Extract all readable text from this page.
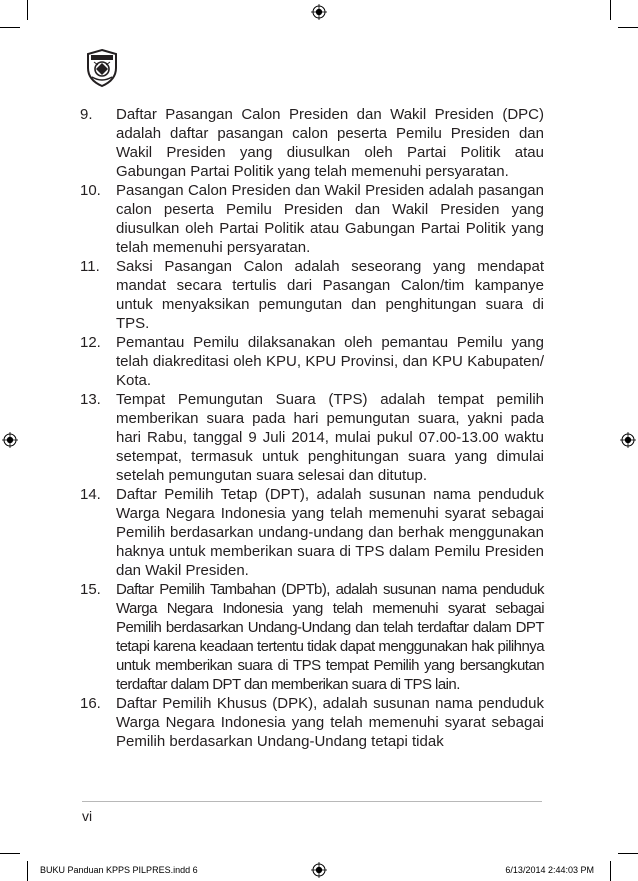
9.	Daftar Pasangan Calon Presiden dan Wakil Presiden (DPC) adalah daftar pasangan calon peserta Pemilu Presiden dan Wakil Presiden yang diusulkan oleh Partai Politik atau Gabungan Partai Politik yang telah memenuhi persyaratan.
10.	Pasangan Calon Presiden dan Wakil Presiden adalah pasangan calon peserta Pemilu Presiden dan Wakil Presiden yang diusulkan oleh Partai Politik atau Gabungan Partai Politik yang telah memenuhi persyaratan.
11.	Saksi Pasangan Calon adalah seseorang yang mendapat mandat secara tertulis dari Pasangan Calon/tim kampanye untuk menyaksikan pemungutan dan penghitungan suara di TPS.
12.	Pemantau Pemilu dilaksanakan oleh pemantau Pemilu yang telah diakreditasi oleh KPU, KPU Provinsi, dan KPU Kabupaten/ Kota.
13.	Tempat Pemungutan Suara (TPS) adalah tempat pemilih memberikan suara pada hari pemungutan suara, yakni pada hari Rabu, tanggal 9 Juli 2014, mulai pukul 07.00-13.00 waktu setempat, termasuk untuk penghitungan suara yang dimulai setelah pemungutan suara selesai dan ditutup.
14.	Daftar Pemilih Tetap (DPT), adalah susunan nama penduduk Warga Negara Indonesia yang telah memenuhi syarat sebagai Pemilih berdasarkan undang-undang dan berhak menggunakan haknya untuk memberikan suara di TPS dalam Pemilu Presiden dan Wakil Presiden.
15.	Daftar Pemilih Tambahan (DPTb), adalah susunan nama penduduk Warga Negara Indonesia yang telah memenuhi syarat sebagai Pemilih berdasarkan Undang-Undang dan telah terdaftar dalam DPT tetapi karena keadaan tertentu tidak dapat menggunakan hak pilihnya untuk memberikan suara di TPS tempat Pemilih yang bersangkutan terdaftar dalam DPT dan memberikan suara di TPS lain.
16.	Daftar Pemilih Khusus (DPK), adalah susunan nama penduduk Warga Negara Indonesia yang telah memenuhi syarat sebagai Pemilih berdasarkan Undang-Undang tetapi tidak
vi
BUKU Panduan KPPS PILPRES.indd 6	6/13/2014 2:44:03 PM
